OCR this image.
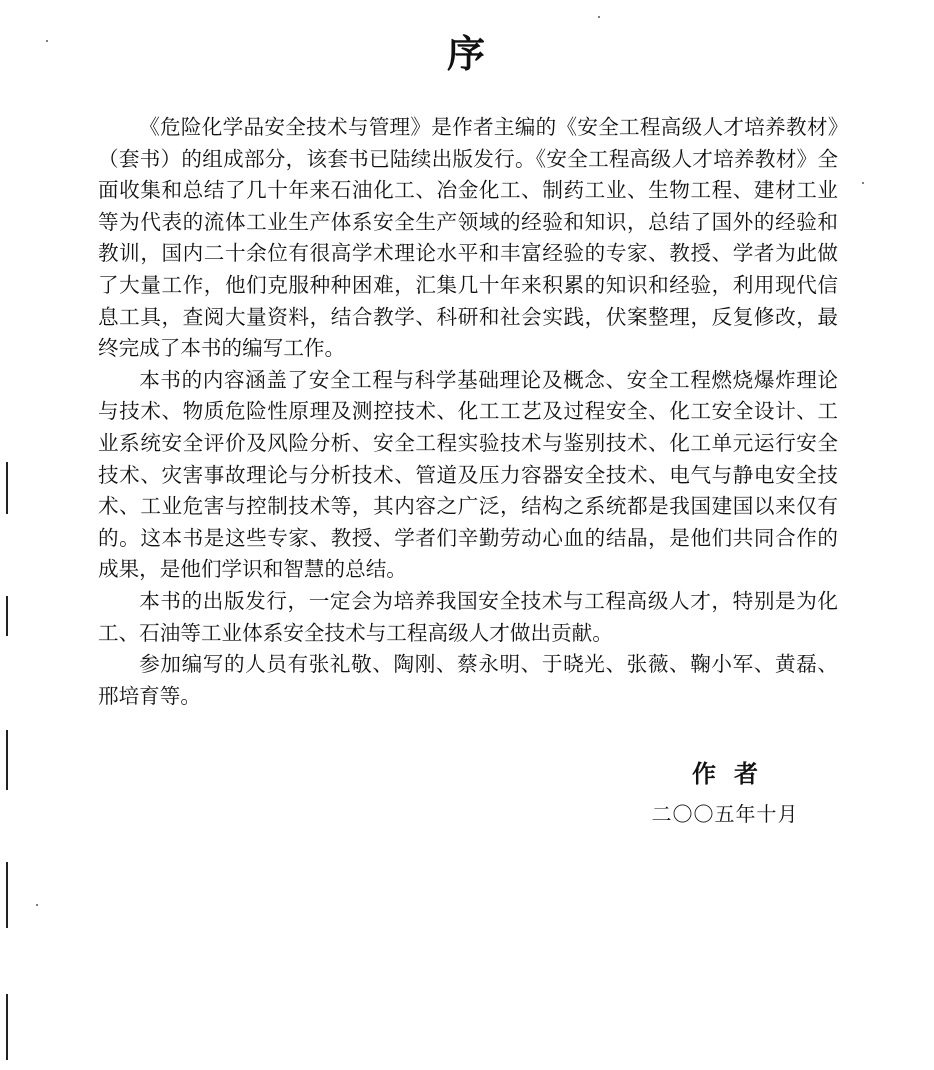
序

《危险化学品安全技术与管理》是作者主编的《安全工程高级人才培养教材》（套书）的组成部分，该套书已陆续出版发行。《安全工程高级人才培养教材》全面收集和总结了几十年来石油化工、冶金化工、制药工业、生物工程、建材工业等为代表的流体工业生产体系安全生产领域的经验和知识，总结了国外的经验和教训，国内二十余位有很高学术理论水平和丰富经验的专家、教授、学者为此做了大量工作，他们克服种种困难，汇集几十年来积累的知识和经验，利用现代信息工具，查阅大量资料，结合教学、科研和社会实践，伏案整理，反复修改，最终完成了本书的编写工作。

本书的内容涵盖了安全工程与科学基础理论及概念、安全工程燃烧爆炸理论与技术、物质危险性原理及测控技术、化工工艺及过程安全、化工安全设计、工业系统安全评价及风险分析、安全工程实验技术与鉴别技术、化工单元运行安全技术、灾害事故理论与分析技术、管道及压力容器安全技术、电气与静电安全技术、工业危害与控制技术等，其内容之广泛，结构之系统都是我国建国以来仅有的。这本书是这些专家、教授、学者们辛勤劳动心血的结晶，是他们共同合作的成果，是他们学识和智慧的总结。

本书的出版发行，一定会为培养我国安全技术与工程高级人才，特别是为化工、石油等工业体系安全技术与工程高级人才做出贡献。

参加编写的人员有张礼敬、陶刚、蔡永明、于晓光、张薇、鞠小军、黄磊、邢培育等。

作者
二〇〇五年十月
